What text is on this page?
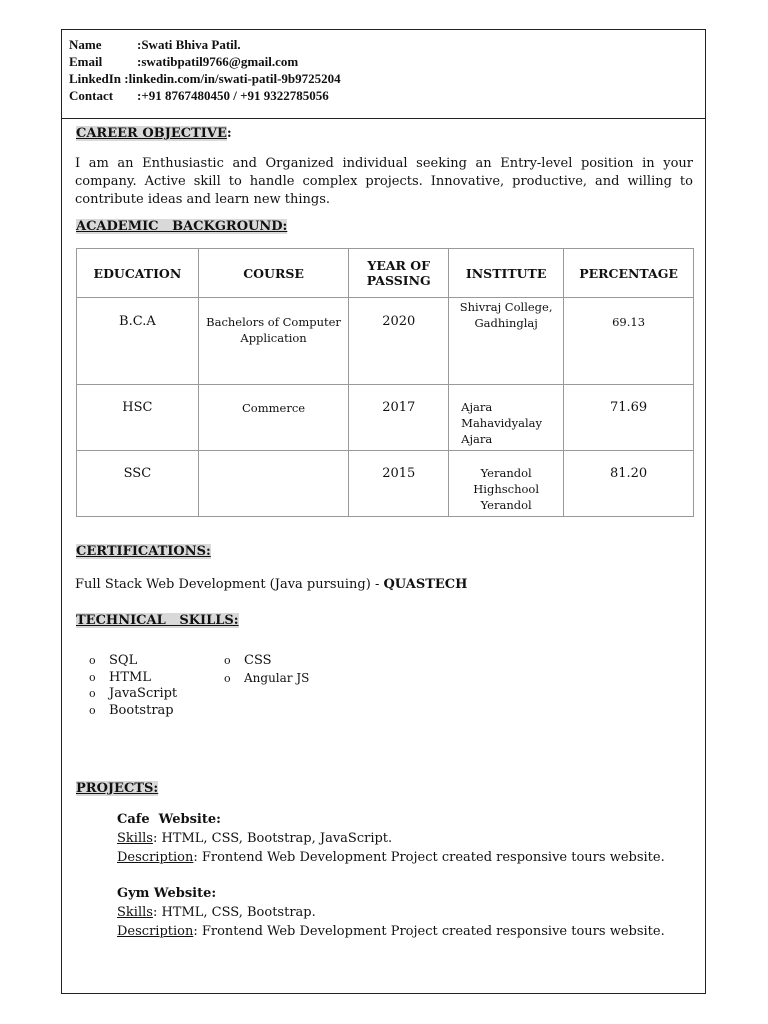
Name	:Swati Bhiva Patil.
Email	:swatibpatil9766@gmail.com
LinkedIn :linkedin.com/in/swati-patil-9b9725204
Contact :+91 8767480450 / +91 9322785056
CAREER OBJECTIVE:
I am an Enthusiastic and Organized individual seeking an Entry-level position in your company. Active skill to handle complex projects. Innovative, productive, and willing to contribute ideas and learn new things.
ACADEMIC   BACKGROUND:
EDUCATION	COURSE	YEAR OF PASSING	INSTITUTE	PERCENTAGE
B.C.A	Bachelors of Computer Application	2020	Shivraj College, Gadhinglaj	69.13
HSC	Commerce	2017	Ajara Mahavidyalay Ajara	71.69
SSC		2015	Yerandol Highschool Yerandol	81.20
CERTIFICATIONS:
Full Stack Web Development (Java pursuing) - QUASTECH
TECHNICAL   SKILLS:
o SQL
o HTML
o JavaScript
o Bootstrap
o CSS
o Angular JS
PROJECTS:
Cafe  Website:
Skills: HTML, CSS, Bootstrap, JavaScript.
Description: Frontend Web Development Project created responsive tours website.
Gym Website:
Skills: HTML, CSS, Bootstrap.
Description: Frontend Web Development Project created responsive tours website.
